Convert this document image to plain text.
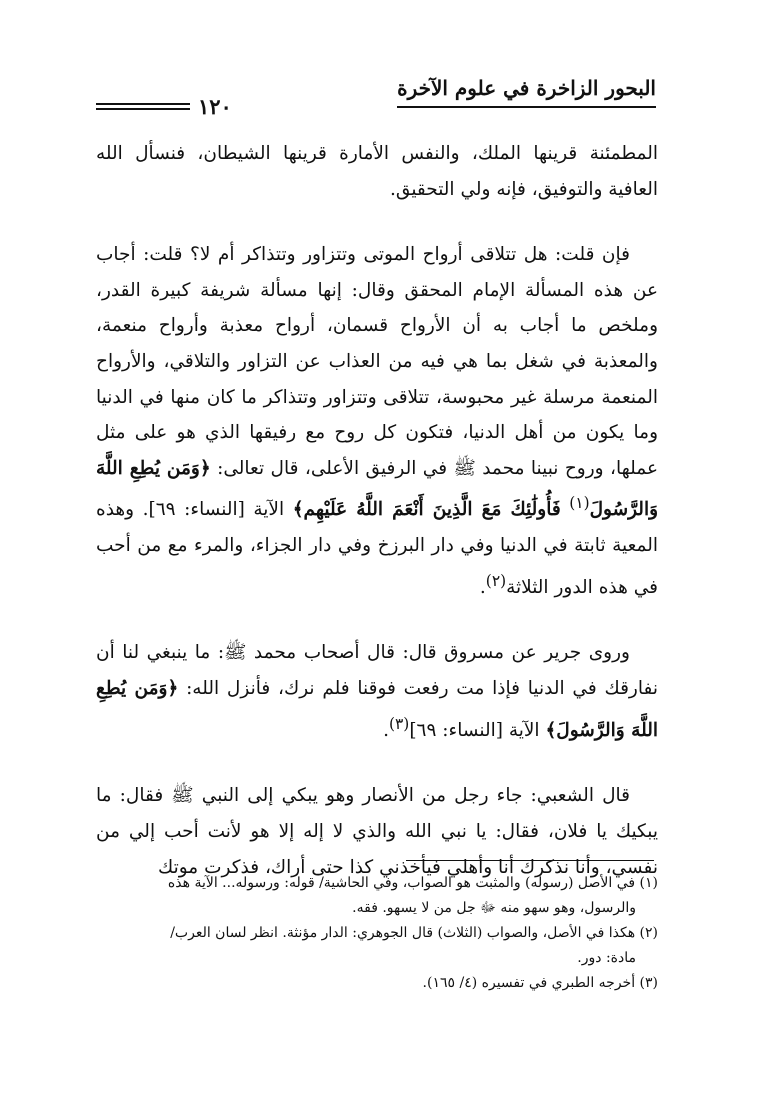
البحور الزاخرة في علوم الآخرة
١٢٠

المطمئنة قرينها الملك، والنفس الأمارة قرينها الشيطان، فنسأل الله العافية والتوفيق، فإنه ولي التحقيق.

فإن قلت: هل تتلاقى أرواح الموتى وتتزاور وتتذاكر أم لا؟ قلت: أجاب عن هذه المسألة الإمام المحقق وقال: إنها مسألة شريفة كبيرة القدر، وملخص ما أجاب به أن الأرواح قسمان، أرواح معذبة وأرواح منعمة، والمعذبة في شغل بما هي فيه من العذاب عن التزاور والتلاقي، والأرواح المنعمة مرسلة غير محبوسة، تتلاقى وتتزاور وتتذاكر ما كان منها في الدنيا وما يكون من أهل الدنيا، فتكون كل روح مع رفيقها الذي هو على مثل عملها، وروح نبينا محمد ﷺ في الرفيق الأعلى، قال تعالى: ﴿وَمَن يُطِعِ اللَّهَ وَالرَّسُولَ$^{(١)}$ فَأُولَٰئِكَ مَعَ الَّذِينَ أَنْعَمَ اللَّهُ عَلَيْهِم﴾ الآية [النساء: ٦٩]. وهذه المعية ثابتة في الدنيا وفي دار البرزخ وفي دار الجزاء، والمرء مع من أحب في هذه الدور الثلاثة$^{(٢)}$.

وروى جرير عن مسروق قال: قال أصحاب محمد ﷺ: ما ينبغي لنا أن نفارقك في الدنيا فإذا مت رفعت فوقنا فلم نرك، فأنزل الله: ﴿وَمَن يُطِعِ اللَّهَ وَالرَّسُولَ﴾ الآية [النساء: ٦٩]$^{(٣)}$.

قال الشعبي: جاء رجل من الأنصار وهو يبكي إلى النبي ﷺ فقال: ما يبكيك يا فلان، فقال: يا نبي الله والذي لا إله إلا هو لأنت أحب إلي من نفسي، وأنا نذكرك أنا وأهلي فيأخذني كذا حتى أراك، فذكرت موتك

(١) في الأصل (رسوله) والمثبت هو الصواب، وفي الحاشية/ قوله: ورسوله... الآية هذه

والرسول، وهو سهو منه ﷻ جل من لا يسهو. فقه.

(٢) هكذا في الأصل، والصواب (الثلاث) قال الجوهري: الدار مؤنثة. انظر لسان العرب/

مادة: دور.

(٣) أخرجه الطبري في تفسيره (٤/ ١٦٥).
